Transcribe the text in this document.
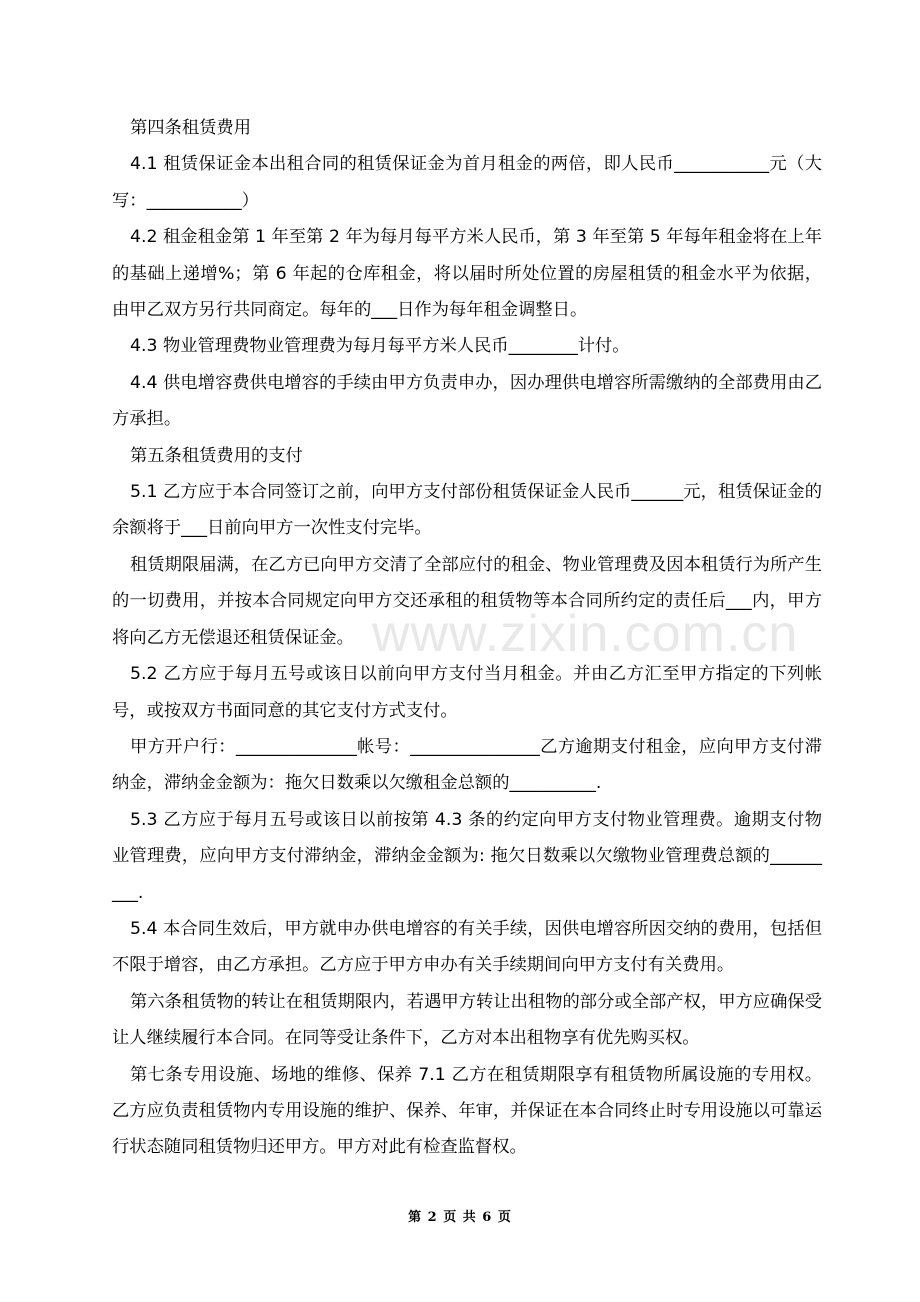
第四条租赁费用

4.1 租赁保证金本出租合同的租赁保证金为首月租金的两倍，即人民币___________元（大写：___________）

4.2 租金租金第 1 年至第 2 年为每月每平方米人民币，第 3 年至第 5 年每年租金将在上年的基础上递增%；第 6 年起的仓库租金，将以届时所处位置的房屋租赁的租金水平为依据，由甲乙双方另行共同商定。每年的___日作为每年租金调整日。

4.3 物业管理费物业管理费为每月每平方米人民币________计付。

4.4 供电增容费供电增容的手续由甲方负责申办，因办理供电增容所需缴纳的全部费用由乙方承担。

第五条租赁费用的支付

5.1 乙方应于本合同签订之前，向甲方支付部份租赁保证金人民币______元，租赁保证金的余额将于___日前向甲方一次性支付完毕。

租赁期限届满，在乙方已向甲方交清了全部应付的租金、物业管理费及因本租赁行为所产生的一切费用，并按本合同规定向甲方交还承租的租赁物等本合同所约定的责任后___内，甲方将向乙方无偿退还租赁保证金。

5.2 乙方应于每月五号或该日以前向甲方支付当月租金。并由乙方汇至甲方指定的下列帐号，或按双方书面同意的其它支付方式支付。

甲方开户行：______________帐号：_______________乙方逾期支付租金，应向甲方支付滞纳金，滞纳金金额为：拖欠日数乘以欠缴租金总额的__________.

5.3 乙方应于每月五号或该日以前按第 4.3 条的约定向甲方支付物业管理费。逾期支付物业管理费，应向甲方支付滞纳金，滞纳金金额为: 拖欠日数乘以欠缴物业管理费总额的_________.

5.4 本合同生效后，甲方就申办供电增容的有关手续，因供电增容所因交纳的费用，包括但不限于增容，由乙方承担。乙方应于甲方申办有关手续期间向甲方支付有关费用。

第六条租赁物的转让在租赁期限内，若遇甲方转让出租物的部分或全部产权，甲方应确保受让人继续履行本合同。在同等受让条件下，乙方对本出租物享有优先购买权。

第七条专用设施、场地的维修、保养 7.1 乙方在租赁期限享有租赁物所属设施的专用权。乙方应负责租赁物内专用设施的维护、保养、年审，并保证在本合同终止时专用设施以可靠运行状态随同租赁物归还甲方。甲方对此有检查监督权。

www.zixin.com.cn
第 2 页 共 6 页
